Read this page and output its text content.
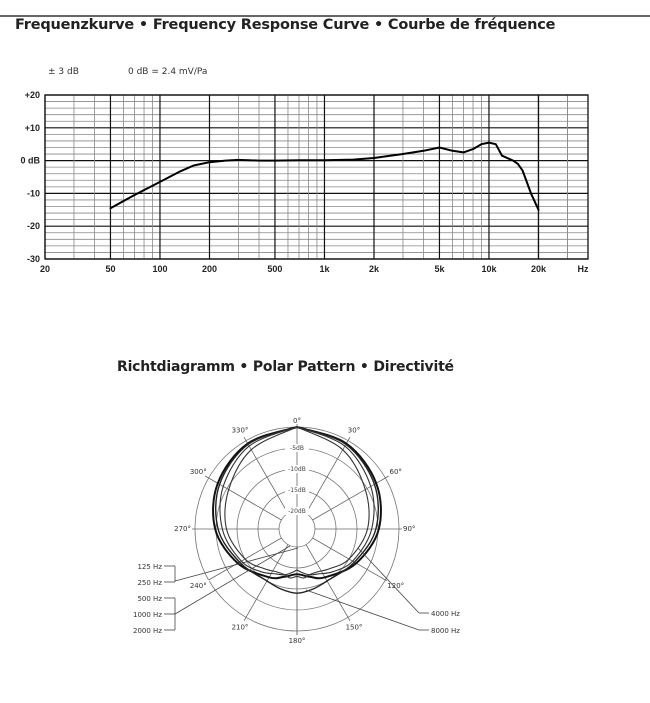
Frequenzkurve • Frequency Response Curve • Courbe de fréquence
± 3 dB	0 dB = 2.4 mV/Pa
Richtdiagramm • Polar Pattern • Directivité
+20
+10
0 dB
-10
-20
-30
20	50	100	200	500	1k	2k	5k	10k	20k	Hz
-5dB
-10dB
-15dB
-20dB
0°
30°
60°
90°
120°
150°
180°
210°
240°
270°
300°
330°
125 Hz
250 Hz
500 Hz
1000 Hz
2000 Hz
4000 Hz
8000 Hz
